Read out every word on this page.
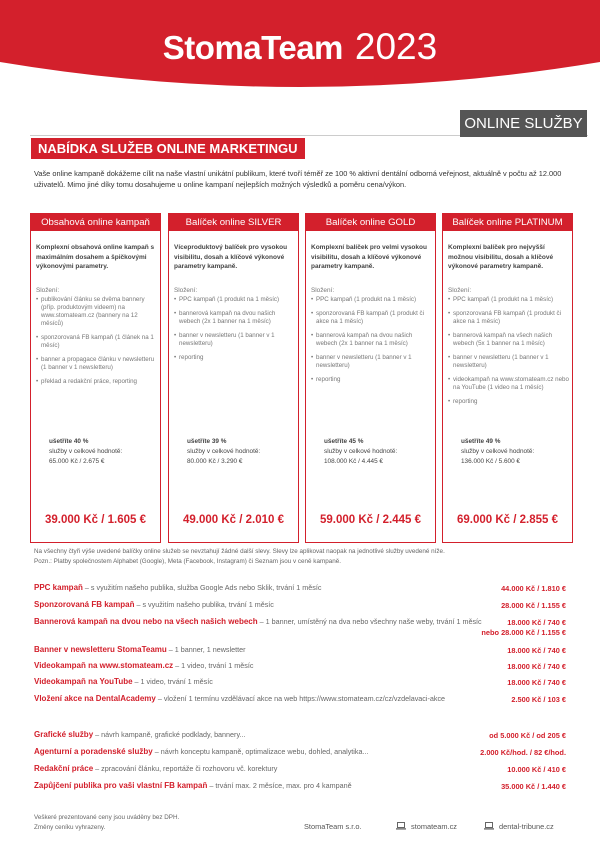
StomaTeam 2023
ONLINE SLUŽBY
NABÍDKA SLUŽEB ONLINE MARKETINGU
Vaše online kampaně dokážeme cílit na naše vlastní unikátní publikum, které tvoří téměř ze 100 % aktivní dentální odborná veřejnost, aktuálně v počtu až 12.000 uživatelů. Mimo jiné díky tomu dosahujeme u online kampaní nejlepších možných výsledků a poměru cena/výkon.
Obsahová online kampaň
Komplexní obsahová online kampaň s maximálním dosahem a špičkovými výkonovými parametry.
Složení:
• publikování článku se dvěma bannery (příp. produktovým videem) na www.stomateam.cz (bannery na 12 měsíců)
• sponzorovaná FB kampaň (1 článek na 1 měsíc)
• banner a propagace článku v newsletteru (1 banner v 1 newsletteru)
• překlad a redakční práce, reporting
ušetříte 40 %
služby v celkové hodnotě:
65.000 Kč / 2.675 €
39.000 Kč / 1.605 €
Balíček online SILVER
Víceproduktový balíček pro vysokou visibilitu, dosah a klíčové výkonové parametry kampaně.
Složení:
• PPC kampaň (1 produkt na 1 měsíc)
• bannerová kampaň na dvou našich webech (2x 1 banner na 1 měsíc)
• banner v newsletteru (1 banner v 1 newsletteru)
• reporting
ušetříte 39 %
služby v celkové hodnotě:
80.000 Kč / 3.290 €
49.000 Kč / 2.010 €
Balíček online GOLD
Komplexní balíček pro velmi vysokou visibilitu, dosah a klíčové výkonové parametry kampaně.
Složení:
• PPC kampaň (1 produkt na 1 měsíc)
• sponzorovaná FB kampaň (1 produkt či akce na 1 měsíc)
• bannerová kampaň na dvou našich webech (2x 1 banner na 1 měsíc)
• banner v newsletteru (1 banner v 1 newsletteru)
• reporting
ušetříte 45 %
služby v celkové hodnotě:
108.000 Kč / 4.445 €
59.000 Kč / 2.445 €
Balíček online PLATINUM
Komplexní balíček pro nejvyšší možnou visibilitu, dosah a klíčové výkonové parametry kampaně.
Složení:
• PPC kampaň (1 produkt na 1 měsíc)
• sponzorovaná FB kampaň (1 produkt či akce na 1 měsíc)
• bannerová kampaň na všech našich webech (5x 1 banner na 1 měsíc)
• banner v newsletteru (1 banner v 1 newsletteru)
• videokampaň na www.stomateam.cz nebo na YouTube (1 video na 1 měsíc)
• reporting
ušetříte 49 %
služby v celkové hodnotě:
136.000 Kč / 5.600 €
69.000 Kč / 2.855 €
Na všechny čtyři výše uvedené balíčky online služeb se nevztahují žádné další slevy. Slevy lze aplikovat naopak na jednotlivé služby uvedené níže.
Pozn.: Platby společnostem Alphabet (Google), Meta (Facebook, Instagram) či Seznam jsou v ceně kampaně.
PPC kampaň – s využitím našeho publika, služba Google Ads nebo Sklik, trvání 1 měsíc	44.000 Kč / 1.810 €
Sponzorovaná FB kampaň – s využitím našeho publika, trvání 1 měsíc	28.000 Kč / 1.155 €
Bannerová kampaň na dvou nebo na všech našich webech – 1 banner, umístěný na dva nebo všechny naše weby, trvání 1 měsíc	18.000 Kč / 740 €
nebo 28.000 Kč / 1.155 €
Banner v newsletteru StomaTeamu – 1 banner, 1 newsletter	18.000 Kč / 740 €
Videokampaň na www.stomateam.cz – 1 video, trvání 1 měsíc	18.000 Kč / 740 €
Videokampaň na YouTube – 1 video, trvání 1 měsíc	18.000 Kč / 740 €
Vložení akce na DentalAcademy – vložení 1 termínu vzdělávací akce na web https://www.stomateam.cz/cz/vzdelavaci-akce	2.500 Kč / 103 €
Grafické služby – návrh kampaně, grafické podklady, bannery...	od 5.000 Kč / od 205 €
Agenturní a poradenské služby – návrh konceptu kampaně, optimalizace webu, dohled, analytika...	2.000 Kč/hod. / 82 €/hod.
Redakční práce – zpracování článku, reportáže či rozhovoru vč. korektury	10.000 Kč / 410 €
Zapůjčení publika pro vaši vlastní FB kampaň – trvání max. 2 měsíce, max. pro 4 kampaně	35.000 Kč / 1.440 €
Veškeré prezentované ceny jsou uváděny bez DPH.
Změny ceníku vyhrazeny.	StomaTeam s.r.o.	stomateam.cz	dental-tribune.cz
